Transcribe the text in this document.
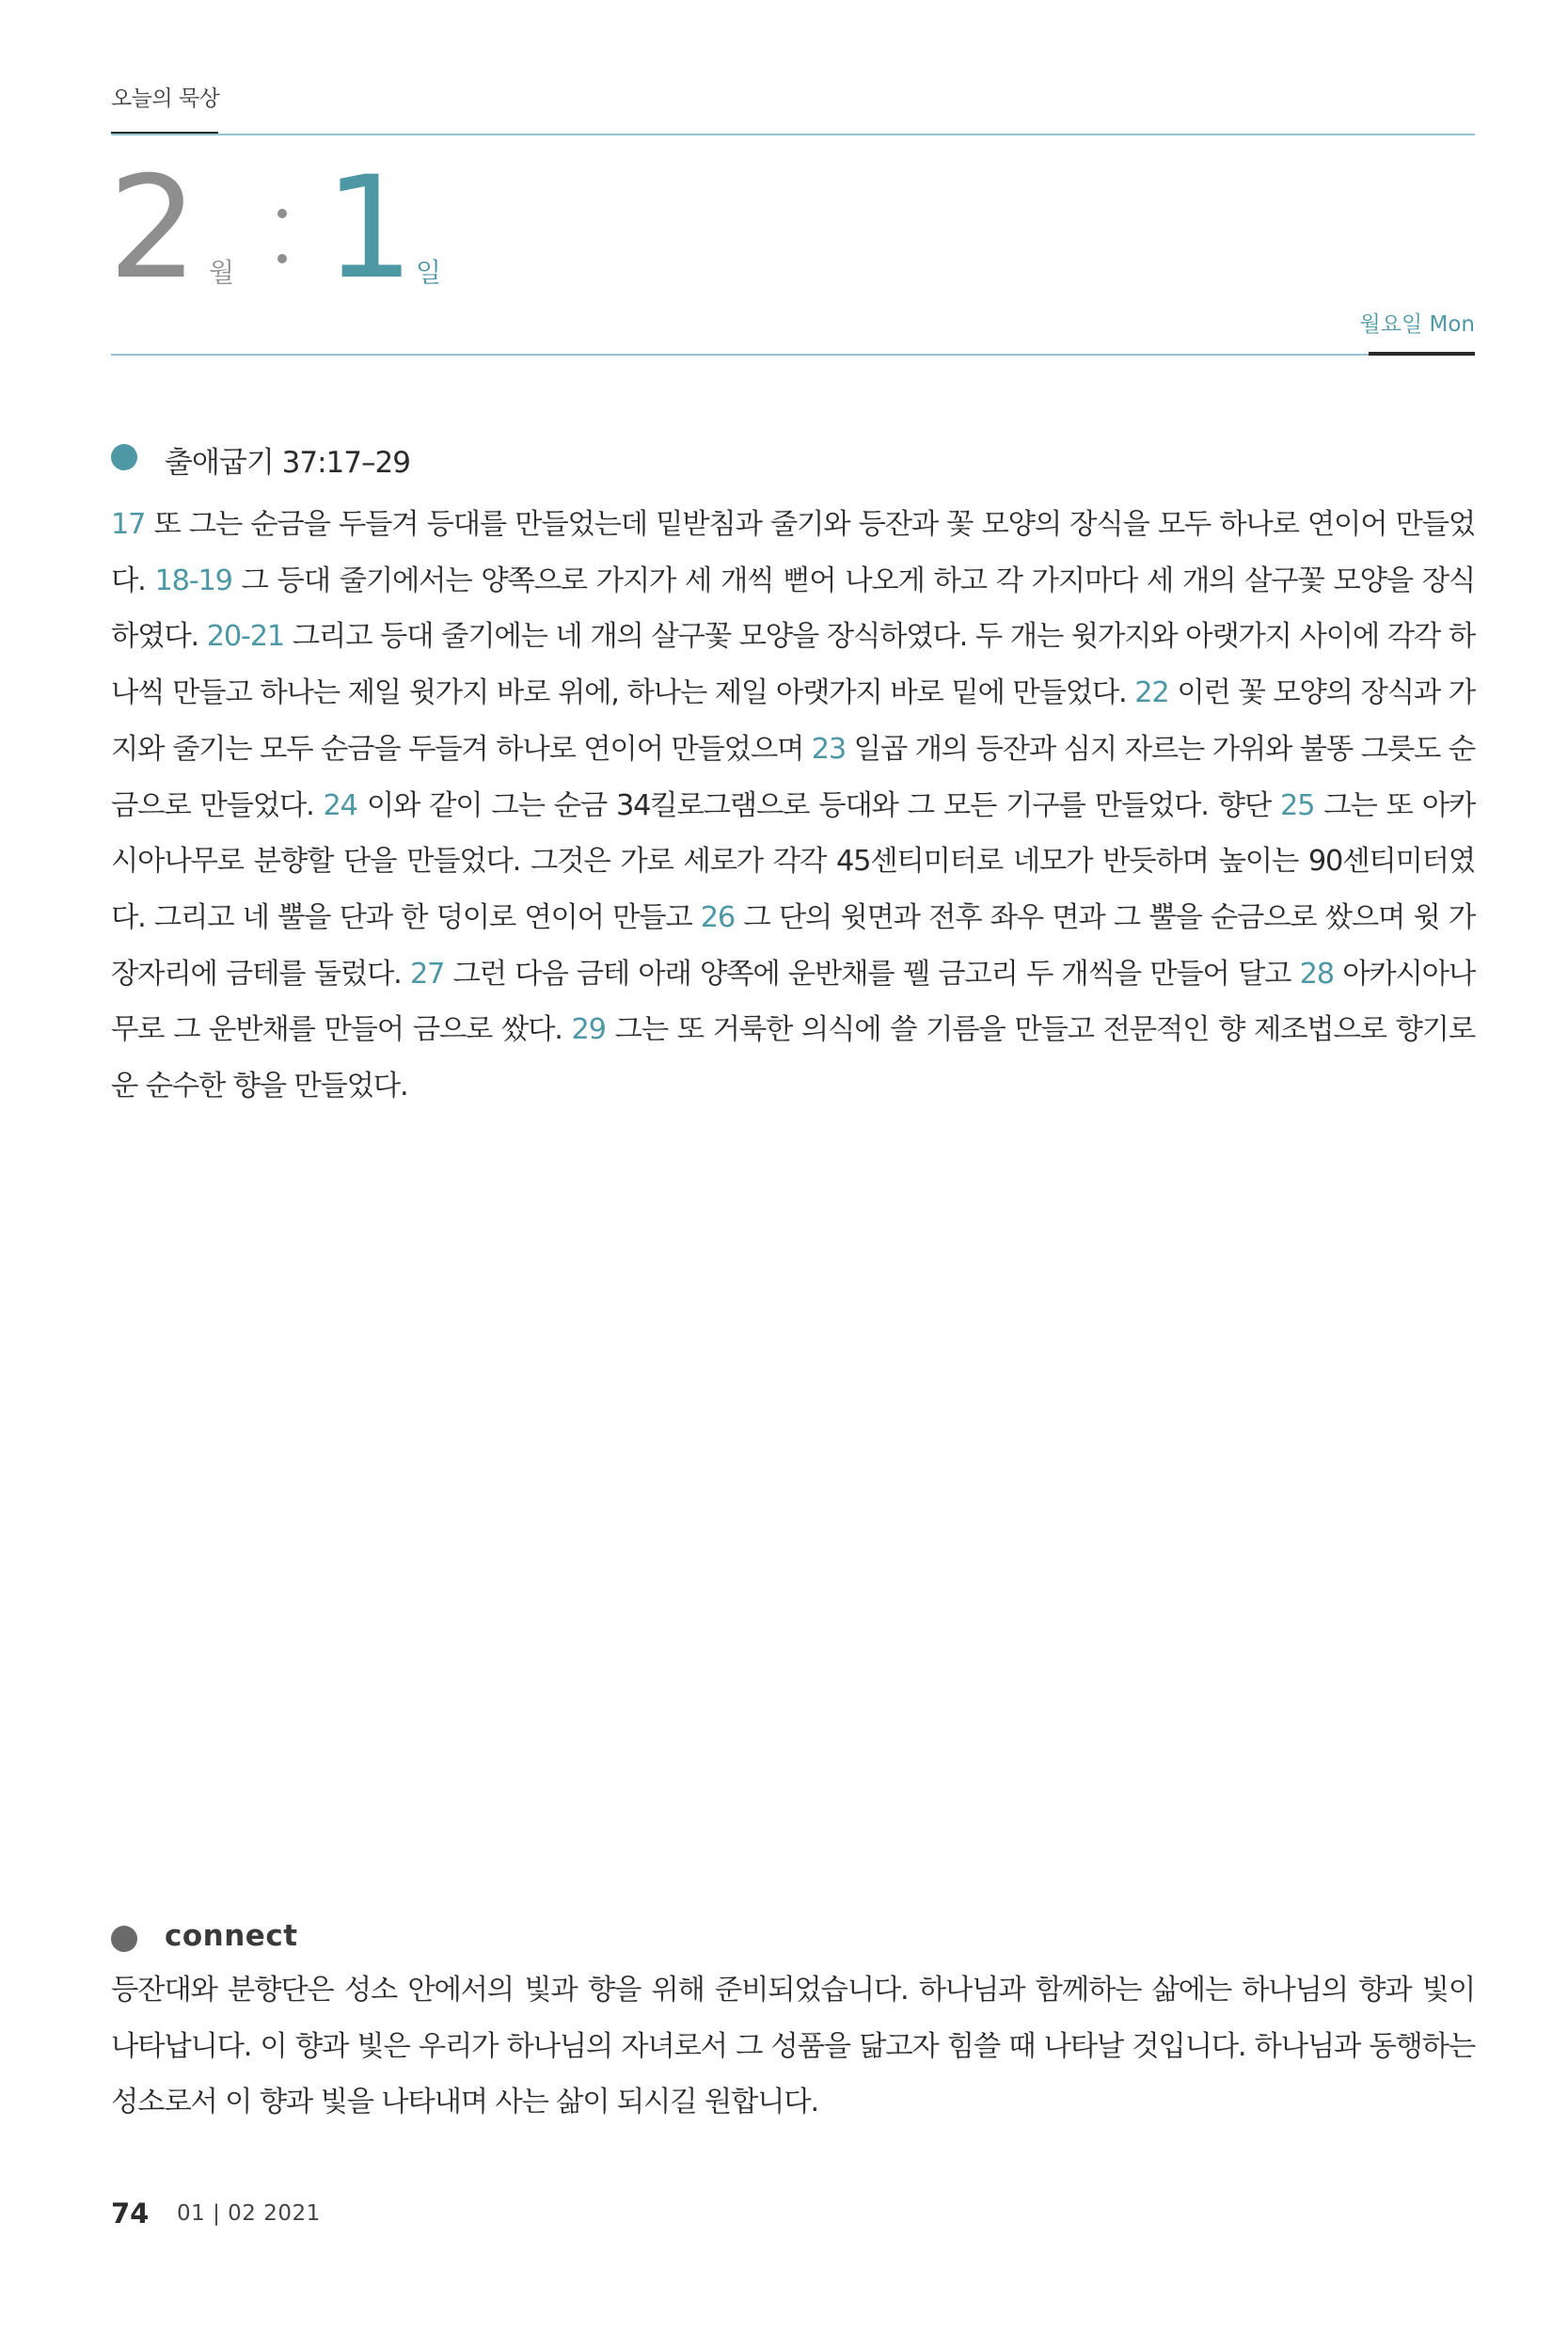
오늘의 묵상
2 월 1 일
월요일 Mon
출애굽기 37:17–29
17 또 그는 순금을 두들겨 등대를 만들었는데 밑받침과 줄기와 등잔과 꽃 모양의 장식을 모두 하나로 연이어 만들었다. 18-19 그 등대 줄기에서는 양쪽으로 가지가 세 개씩 뻗어 나오게 하고 각 가지마다 세 개의 살구꽃 모양을 장식하였다. 20-21 그리고 등대 줄기에는 네 개의 살구꽃 모양을 장식하였다. 두 개는 윗가지와 아랫가지 사이에 각각 하나씩 만들고 하나는 제일 윗가지 바로 위에, 하나는 제일 아랫가지 바로 밑에 만들었다. 22 이런 꽃 모양의 장식과 가지와 줄기는 모두 순금을 두들겨 하나로 연이어 만들었으며 23 일곱 개의 등잔과 심지 자르는 가위와 불똥 그릇도 순금으로 만들었다. 24 이와 같이 그는 순금 34킬로그램으로 등대와 그 모든 기구를 만들었다. 향단 25 그는 또 아카시아나무로 분향할 단을 만들었다. 그것은 가로 세로가 각각 45센티미터로 네모가 반듯하며 높이는 90센티미터였다. 그리고 네 뿔을 단과 한 덩이로 연이어 만들고 26 그 단의 윗면과 전후 좌우 면과 그 뿔을 순금으로 쌌으며 윗 가장자리에 금테를 둘렀다. 27 그런 다음 금테 아래 양쪽에 운반채를 꿸 금고리 두 개씩을 만들어 달고 28 아카시아나무로 그 운반채를 만들어 금으로 쌌다. 29 그는 또 거룩한 의식에 쓸 기름을 만들고 전문적인 향 제조법으로 향기로운 순수한 향을 만들었다.
connect
등잔대와 분향단은 성소 안에서의 빛과 향을 위해 준비되었습니다. 하나님과 함께하는 삶에는 하나님의 향과 빛이 나타납니다. 이 향과 빛은 우리가 하나님의 자녀로서 그 성품을 닮고자 힘쓸 때 나타날 것입니다. 하나님과 동행하는 성소로서 이 향과 빛을 나타내며 사는 삶이 되시길 원합니다.
74 01 | 02 2021
